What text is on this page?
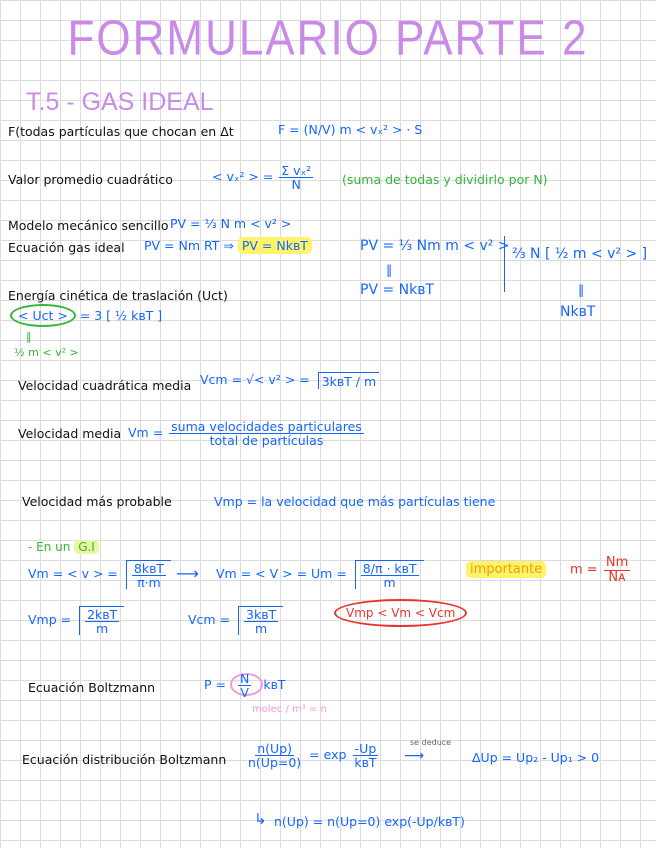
FORMULARIO PARTE 2
T.5 - GAS IDEAL
F(todas partículas que chocan en Δt	F = (N/V) m < vₓ² > · S
Valor promedio cuadrático	< vₓ² > = $\frac{\text{Σ vₓ²}}{N}$ (suma de todas y dividirlo por N)
Modelo mecánico sencillo PV = ⅓ N m < v² >
Ecuación gas ideal PV = Nm RT ⇒ PV = NkʙT	PV = ⅓ Nm m < v² >
‖
PV = NkʙT
⅔ N [ ½ m < v² > ]
‖
NkʙT
Energía cinética de traslación (Uct)
< Uct > = 3 [ ½ kʙT ]
‖
½ m < v² >
Velocidad cuadrática media Vcm = √< v² > = 3kʙT / m
Velocidad media $Vm = \frac{\text{suma velocidades particulares}}{\text{total de partículas}}$
Velocidad más probable	Vmp = la velocidad que más partículas tiene
- En un G.I
Vm = < v > = $\frac{\text{8kʙT}}{\pi\cdot m}$ ⟶ Vm = < V > = $Um = \frac{\text{8/π · kʙT}}{m}$	importante	$m = \frac{Nm}{\text{Nᴀ}}$
Vmp = $\frac{\text{2kʙT}}{m}$	Vcm = $\frac{\text{3kʙT}}{m}$	Vmp < Vm < Vcm
Ecuación Boltzmann	$P = \frac{N}{V}$ kʙT
molec / m³ = n
Ecuación distribución Boltzmann $\frac{n(Up)}{n(Up=0)} = \exp \frac{-Up}{\text{kʙT}}$	se deduce
⟶	ΔUp = Up₂ - Up₁ > 0
↳ n(Up) = n(Up=0) exp(-Up/kʙT)
